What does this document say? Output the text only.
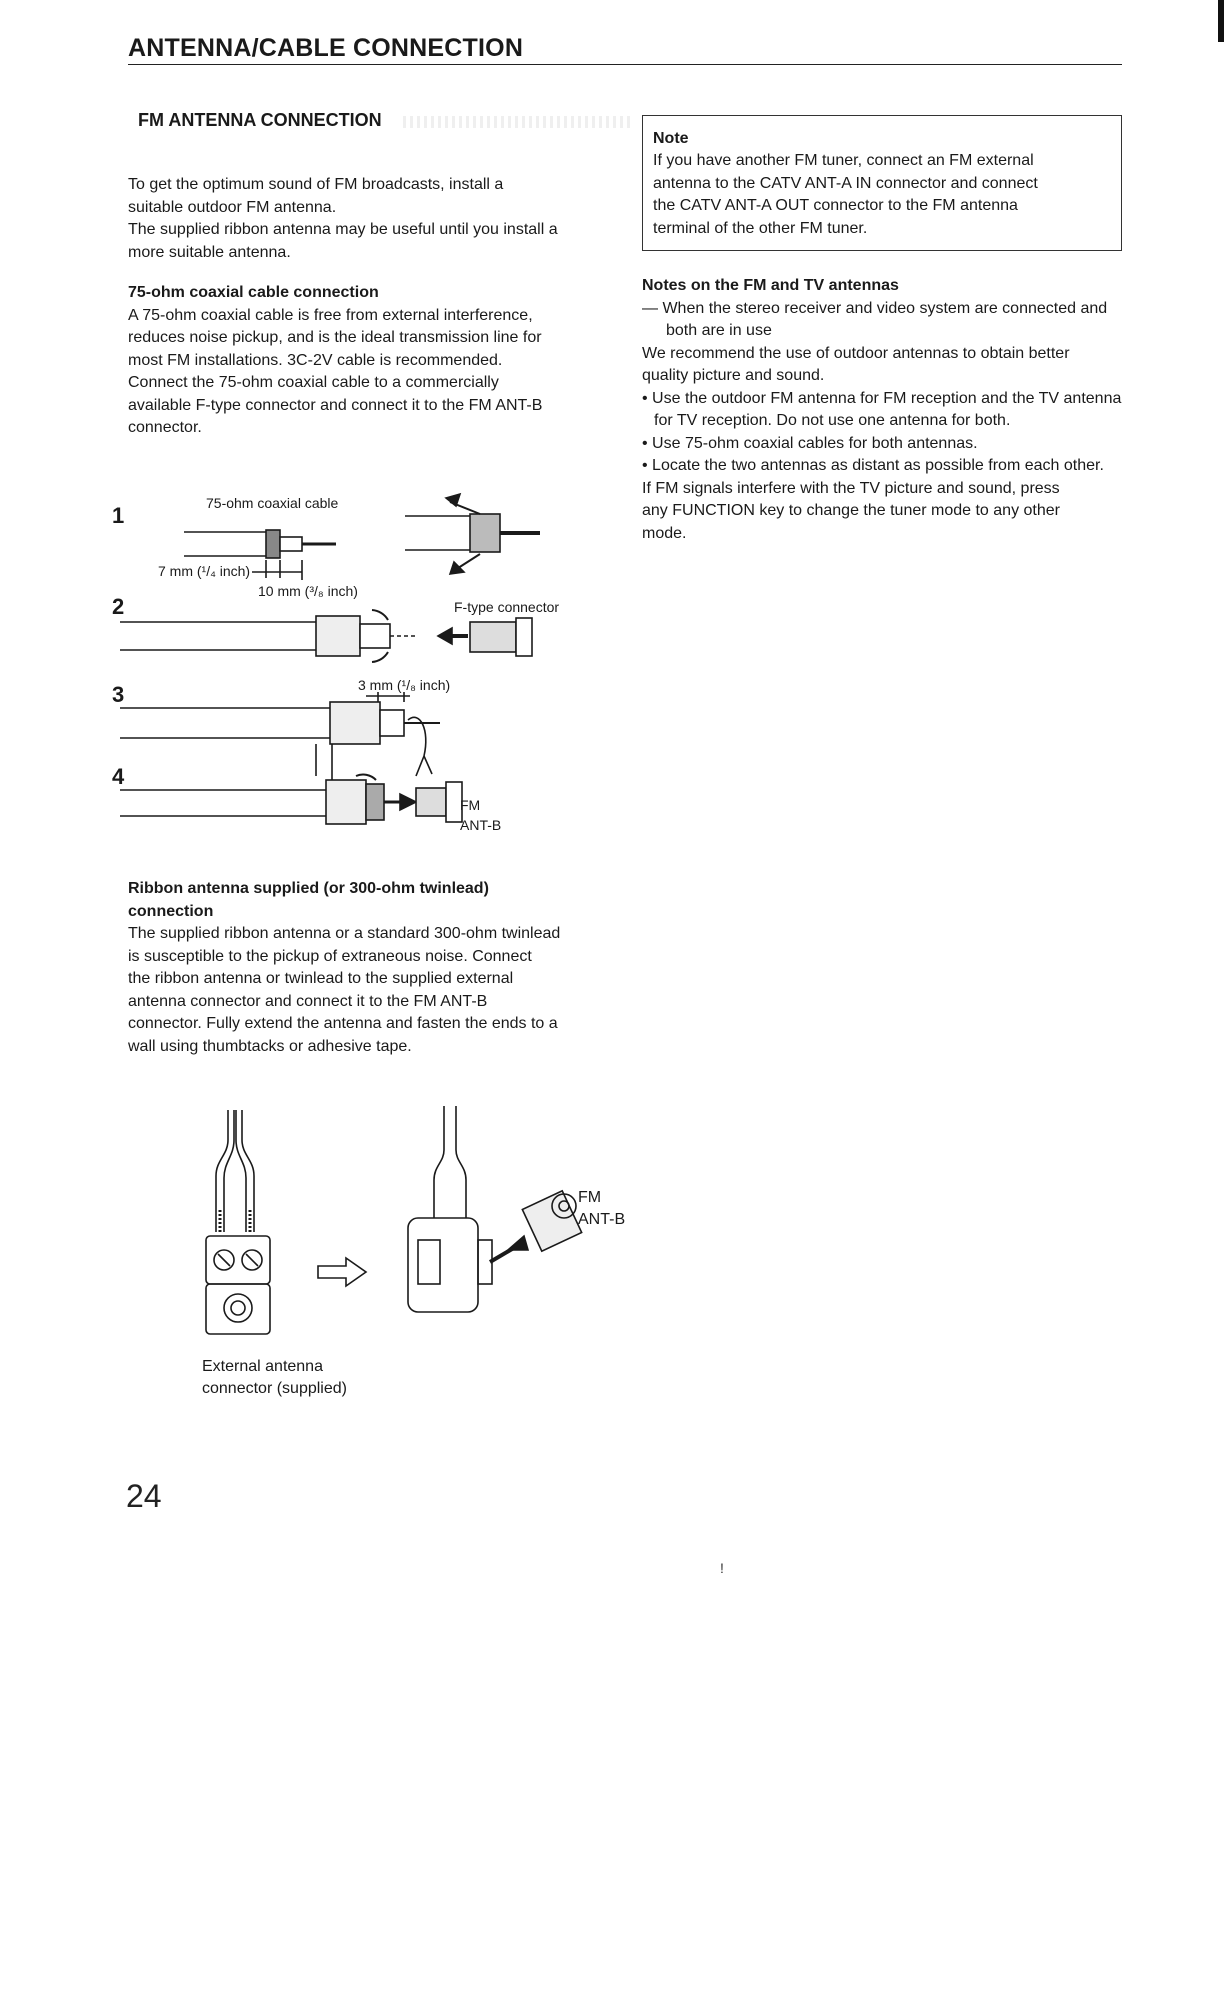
ANTENNA/CABLE CONNECTION
FM ANTENNA CONNECTION

To get the optimum sound of FM broadcasts, install a

suitable outdoor FM antenna.

The supplied ribbon antenna may be useful until you install a

more suitable antenna.

75-ohm coaxial cable connection

A 75-ohm coaxial cable is free from external interference,

reduces noise pickup, and is the ideal transmission line for

most FM installations. 3C-2V cable is recommended.

Connect the 75-ohm coaxial cable to a commercially

available F-type connector and connect it to the FM ANT-B

connector.

1
2
3
4
75-ohm coaxial cable
7 mm (¹/₄ inch)
10 mm (³/₈ inch)
F-type connector
3 mm (¹/₈ inch)
FM
ANT-B
Ribbon antenna supplied (or 300-ohm twinlead)
connection

The supplied ribbon antenna or a standard 300-ohm twinlead

is susceptible to the pickup of extraneous noise. Connect

the ribbon antenna or twinlead to the supplied external

antenna connector and connect it to the FM ANT-B

connector. Fully extend the antenna and fasten the ends to a

wall using thumbtacks or adhesive tape.

FM
ANT-B
External antenna
connector (supplied)
Note

If you have another FM tuner, connect an FM external

antenna to the CATV ANT-A IN connector and connect

the CATV ANT-A OUT connector to the FM antenna

terminal of the other FM tuner.

Notes on the FM and TV antennas

— When the stereo receiver and video system are connected and both are in use

We recommend the use of outdoor antennas to obtain better

quality picture and sound.

• Use the outdoor FM antenna for FM reception and the TV antenna for TV reception. Do not use one antenna for both.

• Use 75-ohm coaxial cables for both antennas.

• Locate the two antennas as distant as possible from each other.

If FM signals interfere with the TV picture and sound, press

any FUNCTION key to change the tuner mode to any other

mode.

24
!
